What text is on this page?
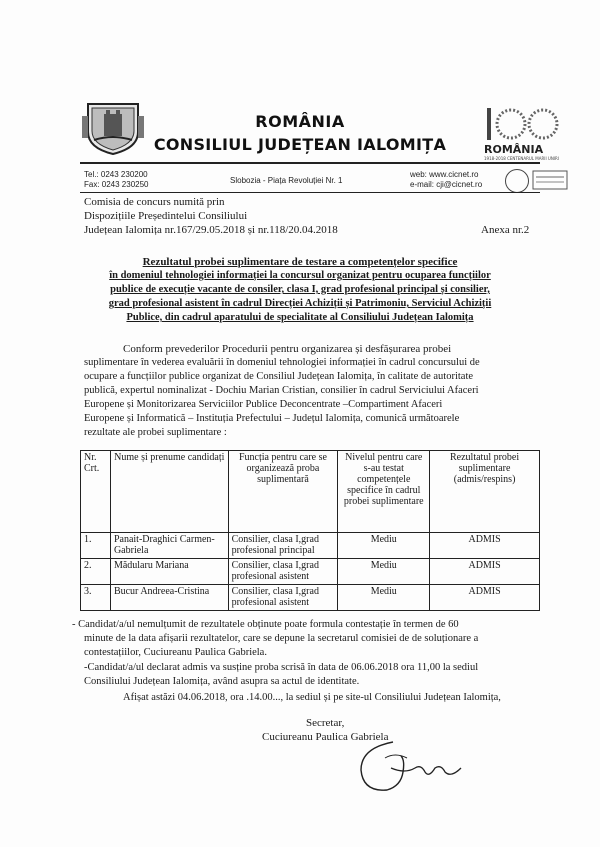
ROMÂNIA
CONSILIUL JUDEȚEAN IALOMIȚA	ROMÂNIA
1918-2018 CENTENARUL MARII UNIRI
Tel.: 0243 230200
Fax: 0243 230250	Slobozia - Piața Revoluției Nr. 1
web: www.cicnet.ro
e-mail: cji@cicnet.ro
Comisia de concurs numită prin
Dispozițiile Președintelui Consiliului
Județean Ialomița nr.167/29.05.2018 și nr.118/20.04.2018	Anexa nr.2
Rezultatul probei suplimentare de testare a competențelor specifice
în domeniul tehnologiei informației la concursul organizat pentru ocuparea funcțiilor
publice de execuție vacante de consiler, clasa I, grad profesional principal și consilier,
grad profesional asistent în cadrul Direcției Achiziții și Patrimoniu, Serviciul Achiziții
Publice, din cadrul aparatului de specialitate al Consiliului Județean Ialomița
Conform prevederilor Procedurii pentru organizarea și desfășurarea probei
suplimentare în vederea evaluării în domeniul tehnologiei informației în cadrul concursului de
ocupare a funcțiilor publice organizat de Consiliul Județean Ialomița, în calitate de autoritate
publică, expertul nominalizat - Dochiu Marian Cristian, consilier în cadrul Serviciului Afaceri
Europene și Monitorizarea Serviciilor Publice Deconcentrate –Compartiment Afaceri
Europene și Informatică – Instituția Prefectului – Județul Ialomița, comunică următoarele
rezultate ale probei suplimentare :
Nr. Crt.	Nume și prenume candidați	Funcția pentru care se organizează proba suplimentară	Nivelul pentru care s-au testat competențele specifice în cadrul probei suplimentare	Rezultatul probei suplimentare (admis/respins)
1.	Panait-Draghici Carmen-Gabriela	Consilier, clasa I,grad profesional principal	Mediu	ADMIS
2.	Mădularu Mariana	Consilier, clasa I,grad profesional asistent	Mediu	ADMIS
3.	Bucur Andreea-Cristina	Consilier, clasa I,grad profesional asistent	Mediu	ADMIS
- Candidat/a/ul nemulțumit de rezultatele obținute poate formula contestație în termen de 60
minute de la data afișarii rezultatelor, care se depune la secretarul comisiei de de soluționare a
contestațiilor, Cuciureanu Paulica Gabriela.
-Candidat/a/ul declarat admis va susține proba scrisă în data de 06.06.2018 ora 11,00 la sediul
Consiliului Județean Ialomița, având asupra sa actul de identitate.
Afișat astăzi 04.06.2018, ora .14.00..., la sediul și pe site-ul Consiliului Județean Ialomița,
Secretar,
Cuciureanu Paulica Gabriela
